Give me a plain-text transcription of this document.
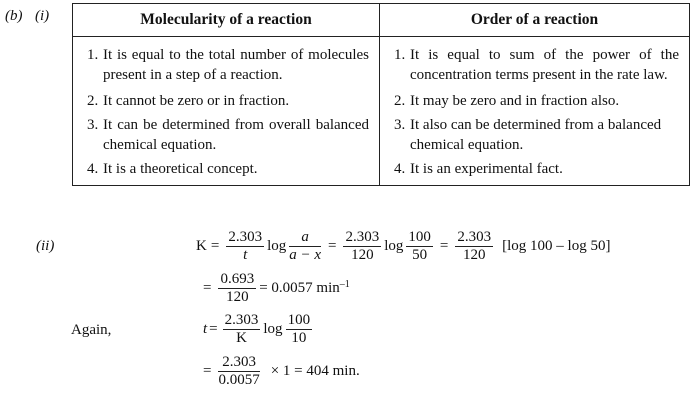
(b) (i)	Molecularity of a reaction	Order of a reaction

1. It is equal to the total number of molecules present in a step of a reaction.	1. It is equal to sum of the power of the concentration terms present in the rate law.

2. It cannot be zero or in fraction.	2. It may be zero and in fraction also.

3. It can be determined from overall balanced chemical equation.	3. It also can be determined from a balanced chemical equation.

4. It is a theoretical concept.	4. It is an experimental fact.
(ii)	$K = \frac{2.303}{t}$ $\log \frac{a}{a - x} = \frac{2.303}{120}$ $\log \frac{100}{50} = \frac{2.303}{120} [\log$ 100 – log 50]
= $\frac{0.693}{120} = 0.0057$ $\min^{-1}$
Again,	$t = \frac{2.303}{K}$ $\log \frac{100}{10}$
= $\frac{2.303}{0.0057} \times 1 = 404$ min.
